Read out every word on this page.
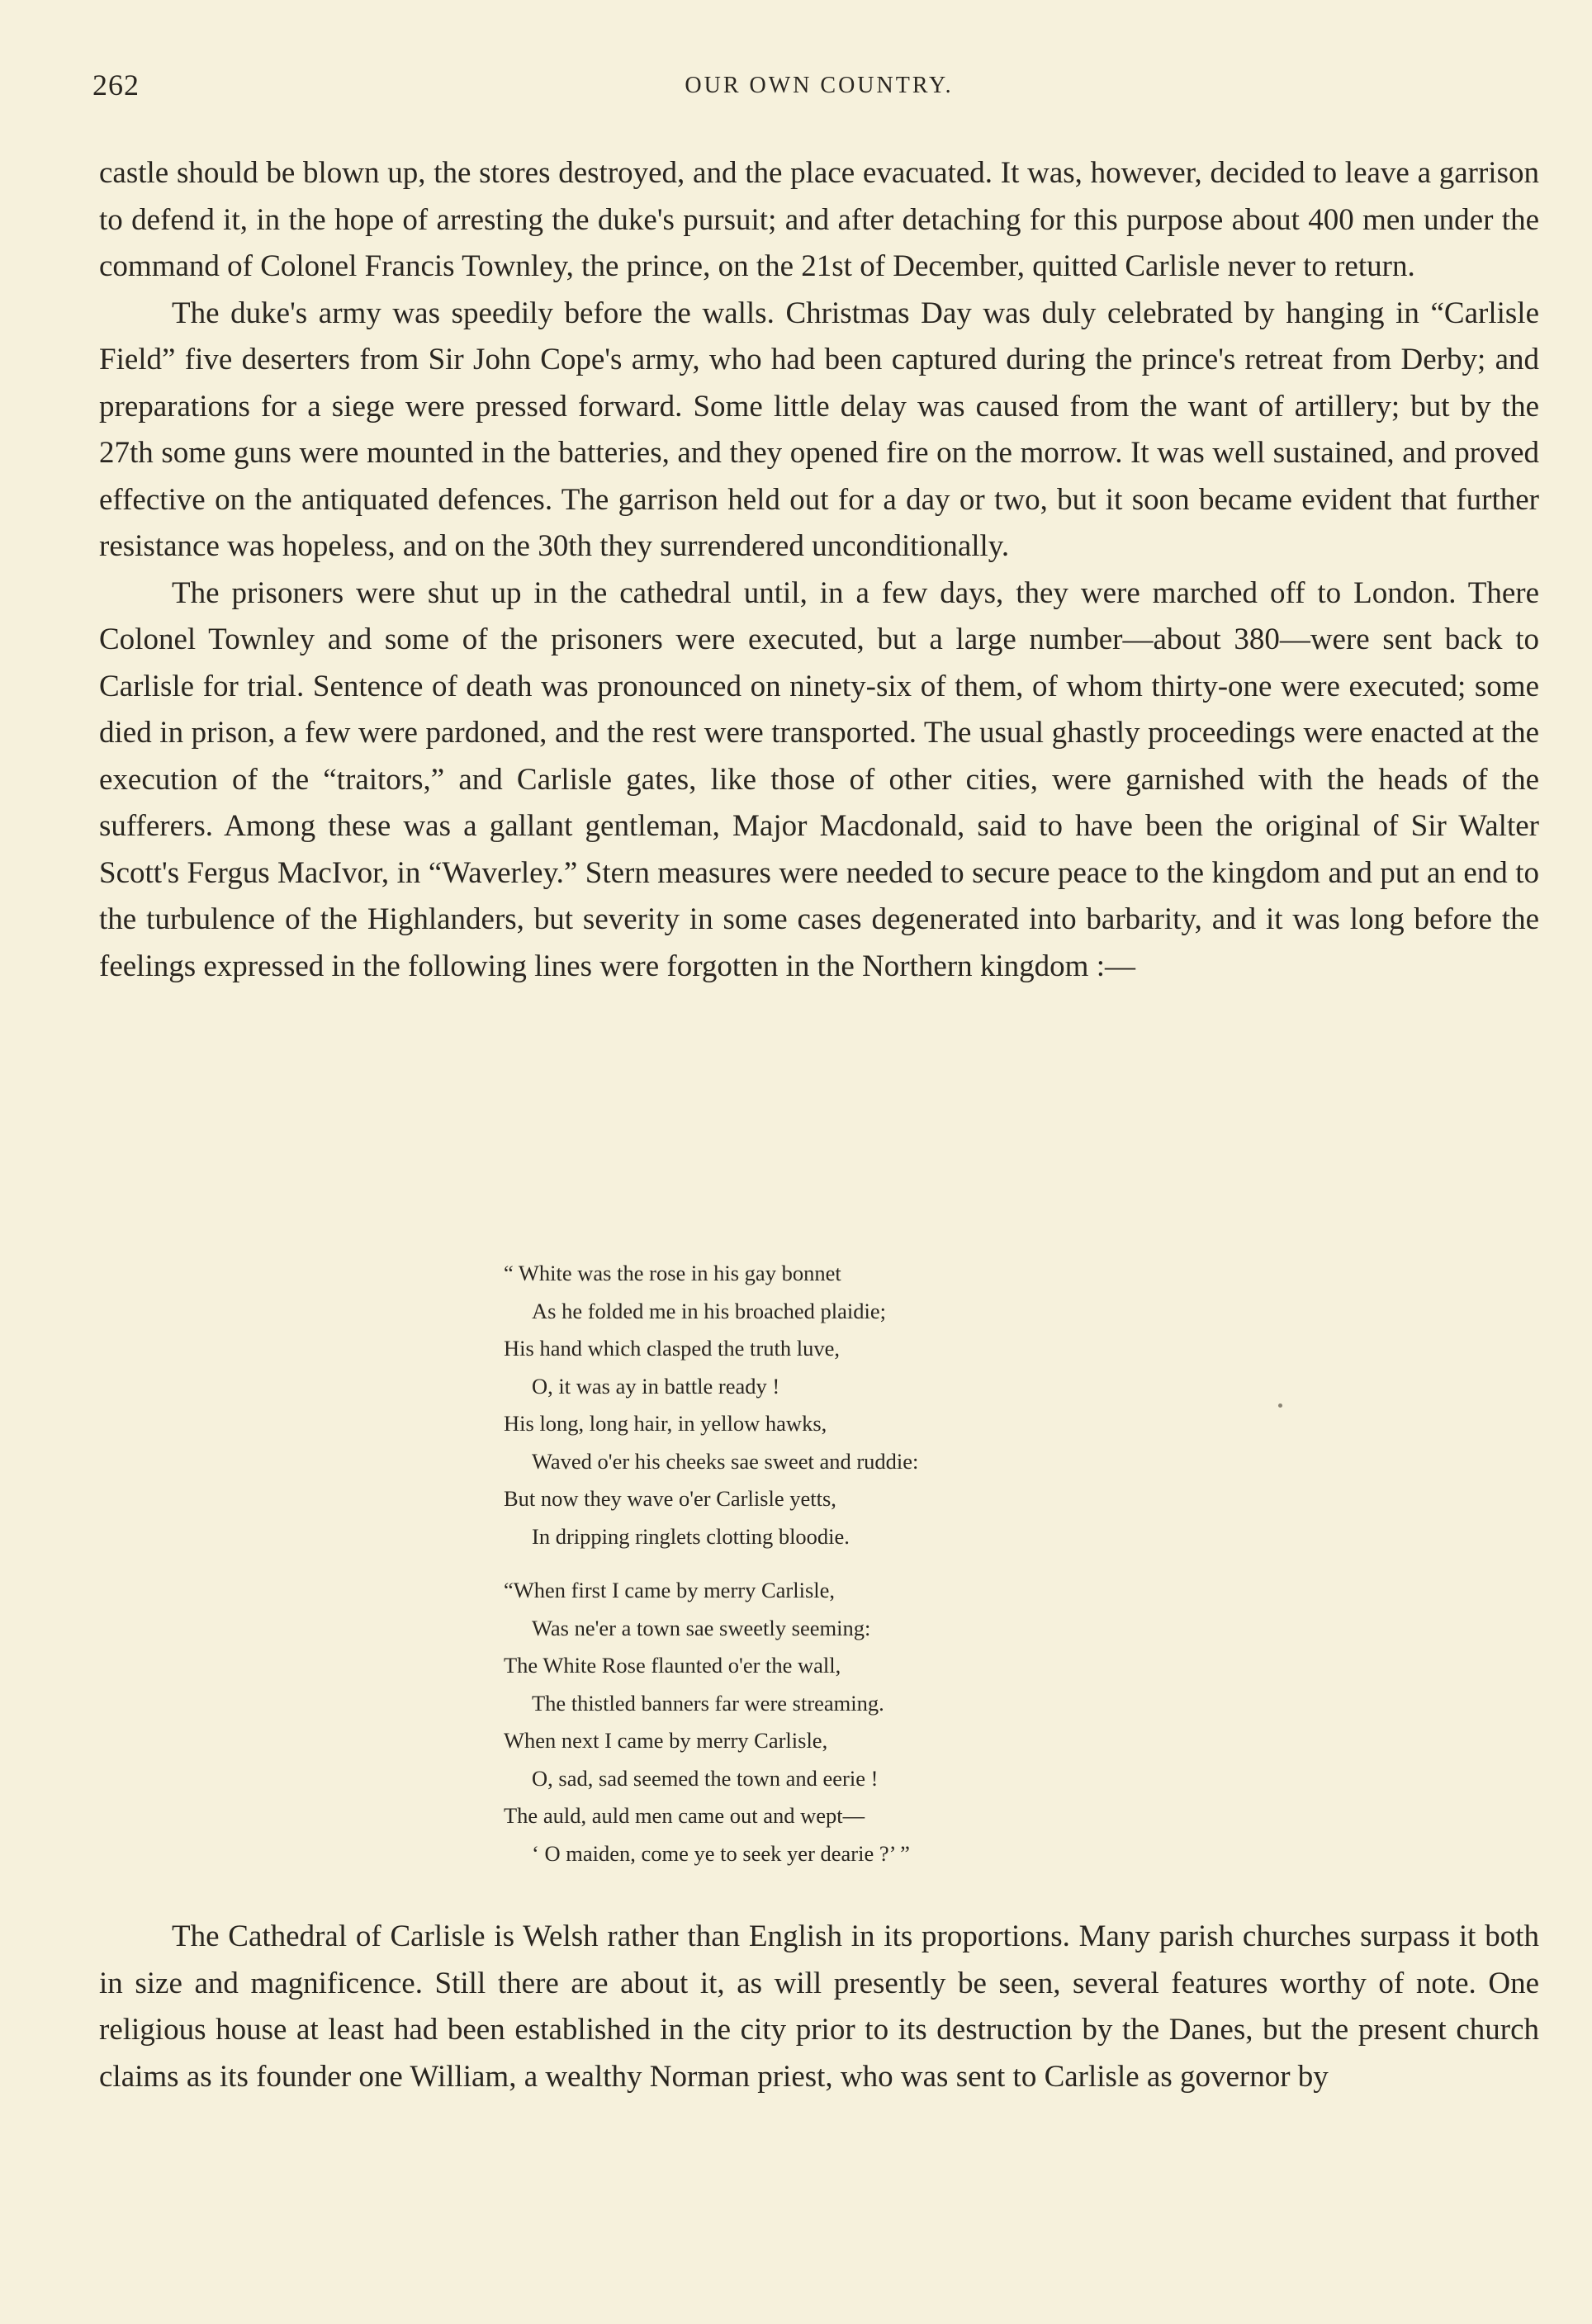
262	OUR OWN COUNTRY.

castle should be blown up, the stores destroyed, and the place evacuated. It was, however, decided to leave a garrison to defend it, in the hope of arresting the duke's pursuit; and after detaching for this purpose about 400 men under the command of Colonel Francis Townley, the prince, on the 21st of December, quitted Carlisle never to return.

The duke's army was speedily before the walls. Christmas Day was duly celebrated by hanging in “Carlisle Field” five deserters from Sir John Cope's army, who had been captured during the prince's retreat from Derby; and preparations for a siege were pressed forward. Some little delay was caused from the want of artillery; but by the 27th some guns were mounted in the batteries, and they opened fire on the morrow. It was well sustained, and proved effective on the antiquated defences. The garrison held out for a day or two, but it soon became evident that further resistance was hopeless, and on the 30th they surrendered unconditionally.

The prisoners were shut up in the cathedral until, in a few days, they were marched off to London. There Colonel Townley and some of the prisoners were executed, but a large number—about 380—were sent back to Carlisle for trial. Sentence of death was pronounced on ninety-six of them, of whom thirty-one were executed; some died in prison, a few were pardoned, and the rest were transported. The usual ghastly proceedings were enacted at the execution of the “traitors,” and Carlisle gates, like those of other cities, were garnished with the heads of the sufferers. Among these was a gallant gentleman, Major Macdonald, said to have been the original of Sir Walter Scott's Fergus MacIvor, in “Waverley.” Stern measures were needed to secure peace to the kingdom and put an end to the turbulence of the Highlanders, but severity in some cases degenerated into barbarity, and it was long before the feelings expressed in the following lines were forgotten in the Northern kingdom :—

“ White was the rose in his gay bonnet
As he folded me in his broached plaidie;
His hand which clasped the truth luve,
O, it was ay in battle ready !
His long, long hair, in yellow hawks,
Waved o'er his cheeks sae sweet and ruddie:
But now they wave o'er Carlisle yetts,
In dripping ringlets clotting bloodie.
“When first I came by merry Carlisle,
Was ne'er a town sae sweetly seeming:
The White Rose flaunted o'er the wall,
The thistled banners far were streaming.
When next I came by merry Carlisle,
O, sad, sad seemed the town and eerie !
The auld, auld men came out and wept—
‘ O maiden, come ye to seek yer dearie ?’ ”

The Cathedral of Carlisle is Welsh rather than English in its proportions. Many parish churches surpass it both in size and magnificence. Still there are about it, as will presently be seen, several features worthy of note. One religious house at least had been established in the city prior to its destruction by the Danes, but the present church claims as its founder one William, a wealthy Norman priest, who was sent to Carlisle as governor by
